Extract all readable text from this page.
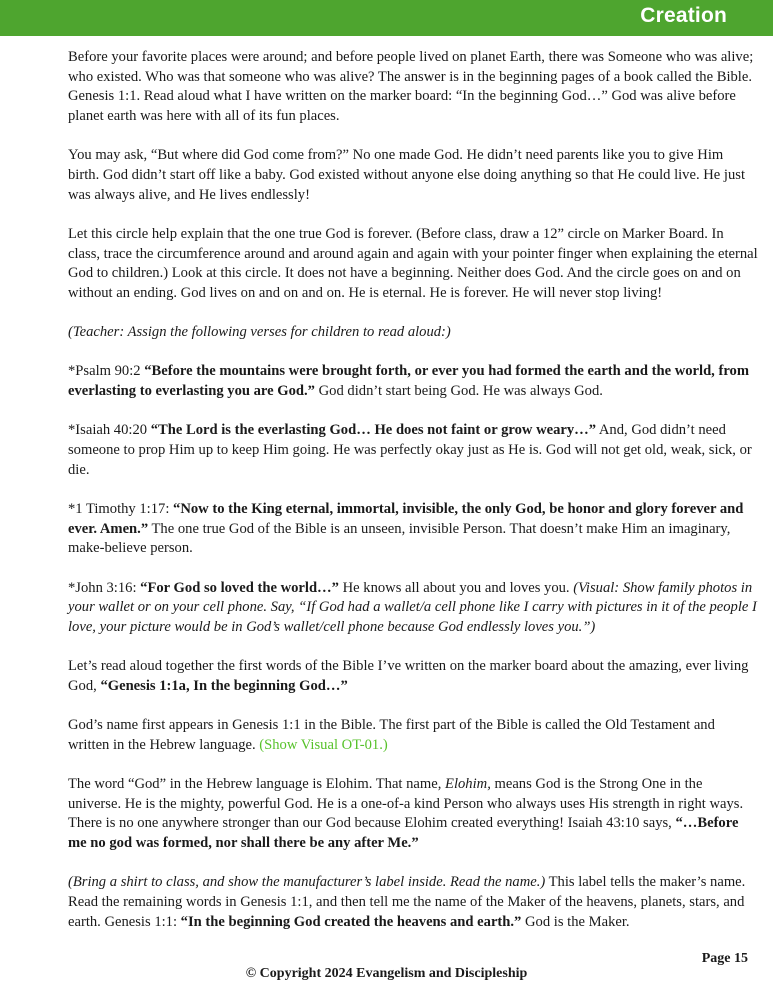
Creation

Before your favorite places were around; and before people lived on planet Earth, there was Someone who was alive; who existed. Who was that someone who was alive? The answer is in the beginning pages of a book called the Bible. Genesis 1:1. Read aloud what I have written on the marker board: “In the beginning God…” God was alive before planet earth was here with all of its fun places.

You may ask, “But where did God come from?” No one made God. He didn’t need parents like you to give Him birth. God didn’t start off like a baby. God existed without anyone else doing anything so that He could live. He just was always alive, and He lives endlessly!

Let this circle help explain that the one true God is forever. (Before class, draw a 12” circle on Marker Board. In class, trace the circumference around and around again and again with your pointer finger when explaining the eternal God to children.) Look at this circle. It does not have a beginning. Neither does God. And the circle goes on and on without an ending. God lives on and on and on. He is eternal. He is forever. He will never stop living!

(Teacher: Assign the following verses for children to read aloud:)

*Psalm 90:2 “Before the mountains were brought forth, or ever you had formed the earth and the world, from everlasting to everlasting you are God.” God didn’t start being God. He was always God.

*Isaiah 40:20 “The Lord is the everlasting God… He does not faint or grow weary…” And, God didn’t need someone to prop Him up to keep Him going. He was perfectly okay just as He is. God will not get old, weak, sick, or die.

*1 Timothy 1:17: “Now to the King eternal, immortal, invisible, the only God, be honor and glory forever and ever. Amen.” The one true God of the Bible is an unseen, invisible Person. That doesn’t make Him an imaginary, make-believe person.

*John 3:16: “For God so loved the world…” He knows all about you and loves you. (Visual: Show family photos in your wallet or on your cell phone. Say, “If God had a wallet/a cell phone like I carry with pictures in it of the people I love, your picture would be in God’s wallet/cell phone because God endlessly loves you.”)

Let’s read aloud together the first words of the Bible I’ve written on the marker board about the amazing, ever living God, “Genesis 1:1a, In the beginning God…”

God’s name first appears in Genesis 1:1 in the Bible. The first part of the Bible is called the Old Testament and written in the Hebrew language. (Show Visual OT-01.)

The word “God” in the Hebrew language is Elohim. That name, Elohim, means God is the Strong One in the universe. He is the mighty, powerful God. He is a one-of-a kind Person who always uses His strength in right ways. There is no one anywhere stronger than our God because Elohim created everything! Isaiah 43:10 says, “…Before me no god was formed, nor shall there be any after Me.”

(Bring a shirt to class, and show the manufacturer’s label inside. Read the name.) This label tells the maker’s name. Read the remaining words in Genesis 1:1, and then tell me the name of the Maker of the heavens, planets, stars, and earth. Genesis 1:1: “In the beginning God created the heavens and earth.” God is the Maker.

Page 15
© Copyright 2024 Evangelism and Discipleship
